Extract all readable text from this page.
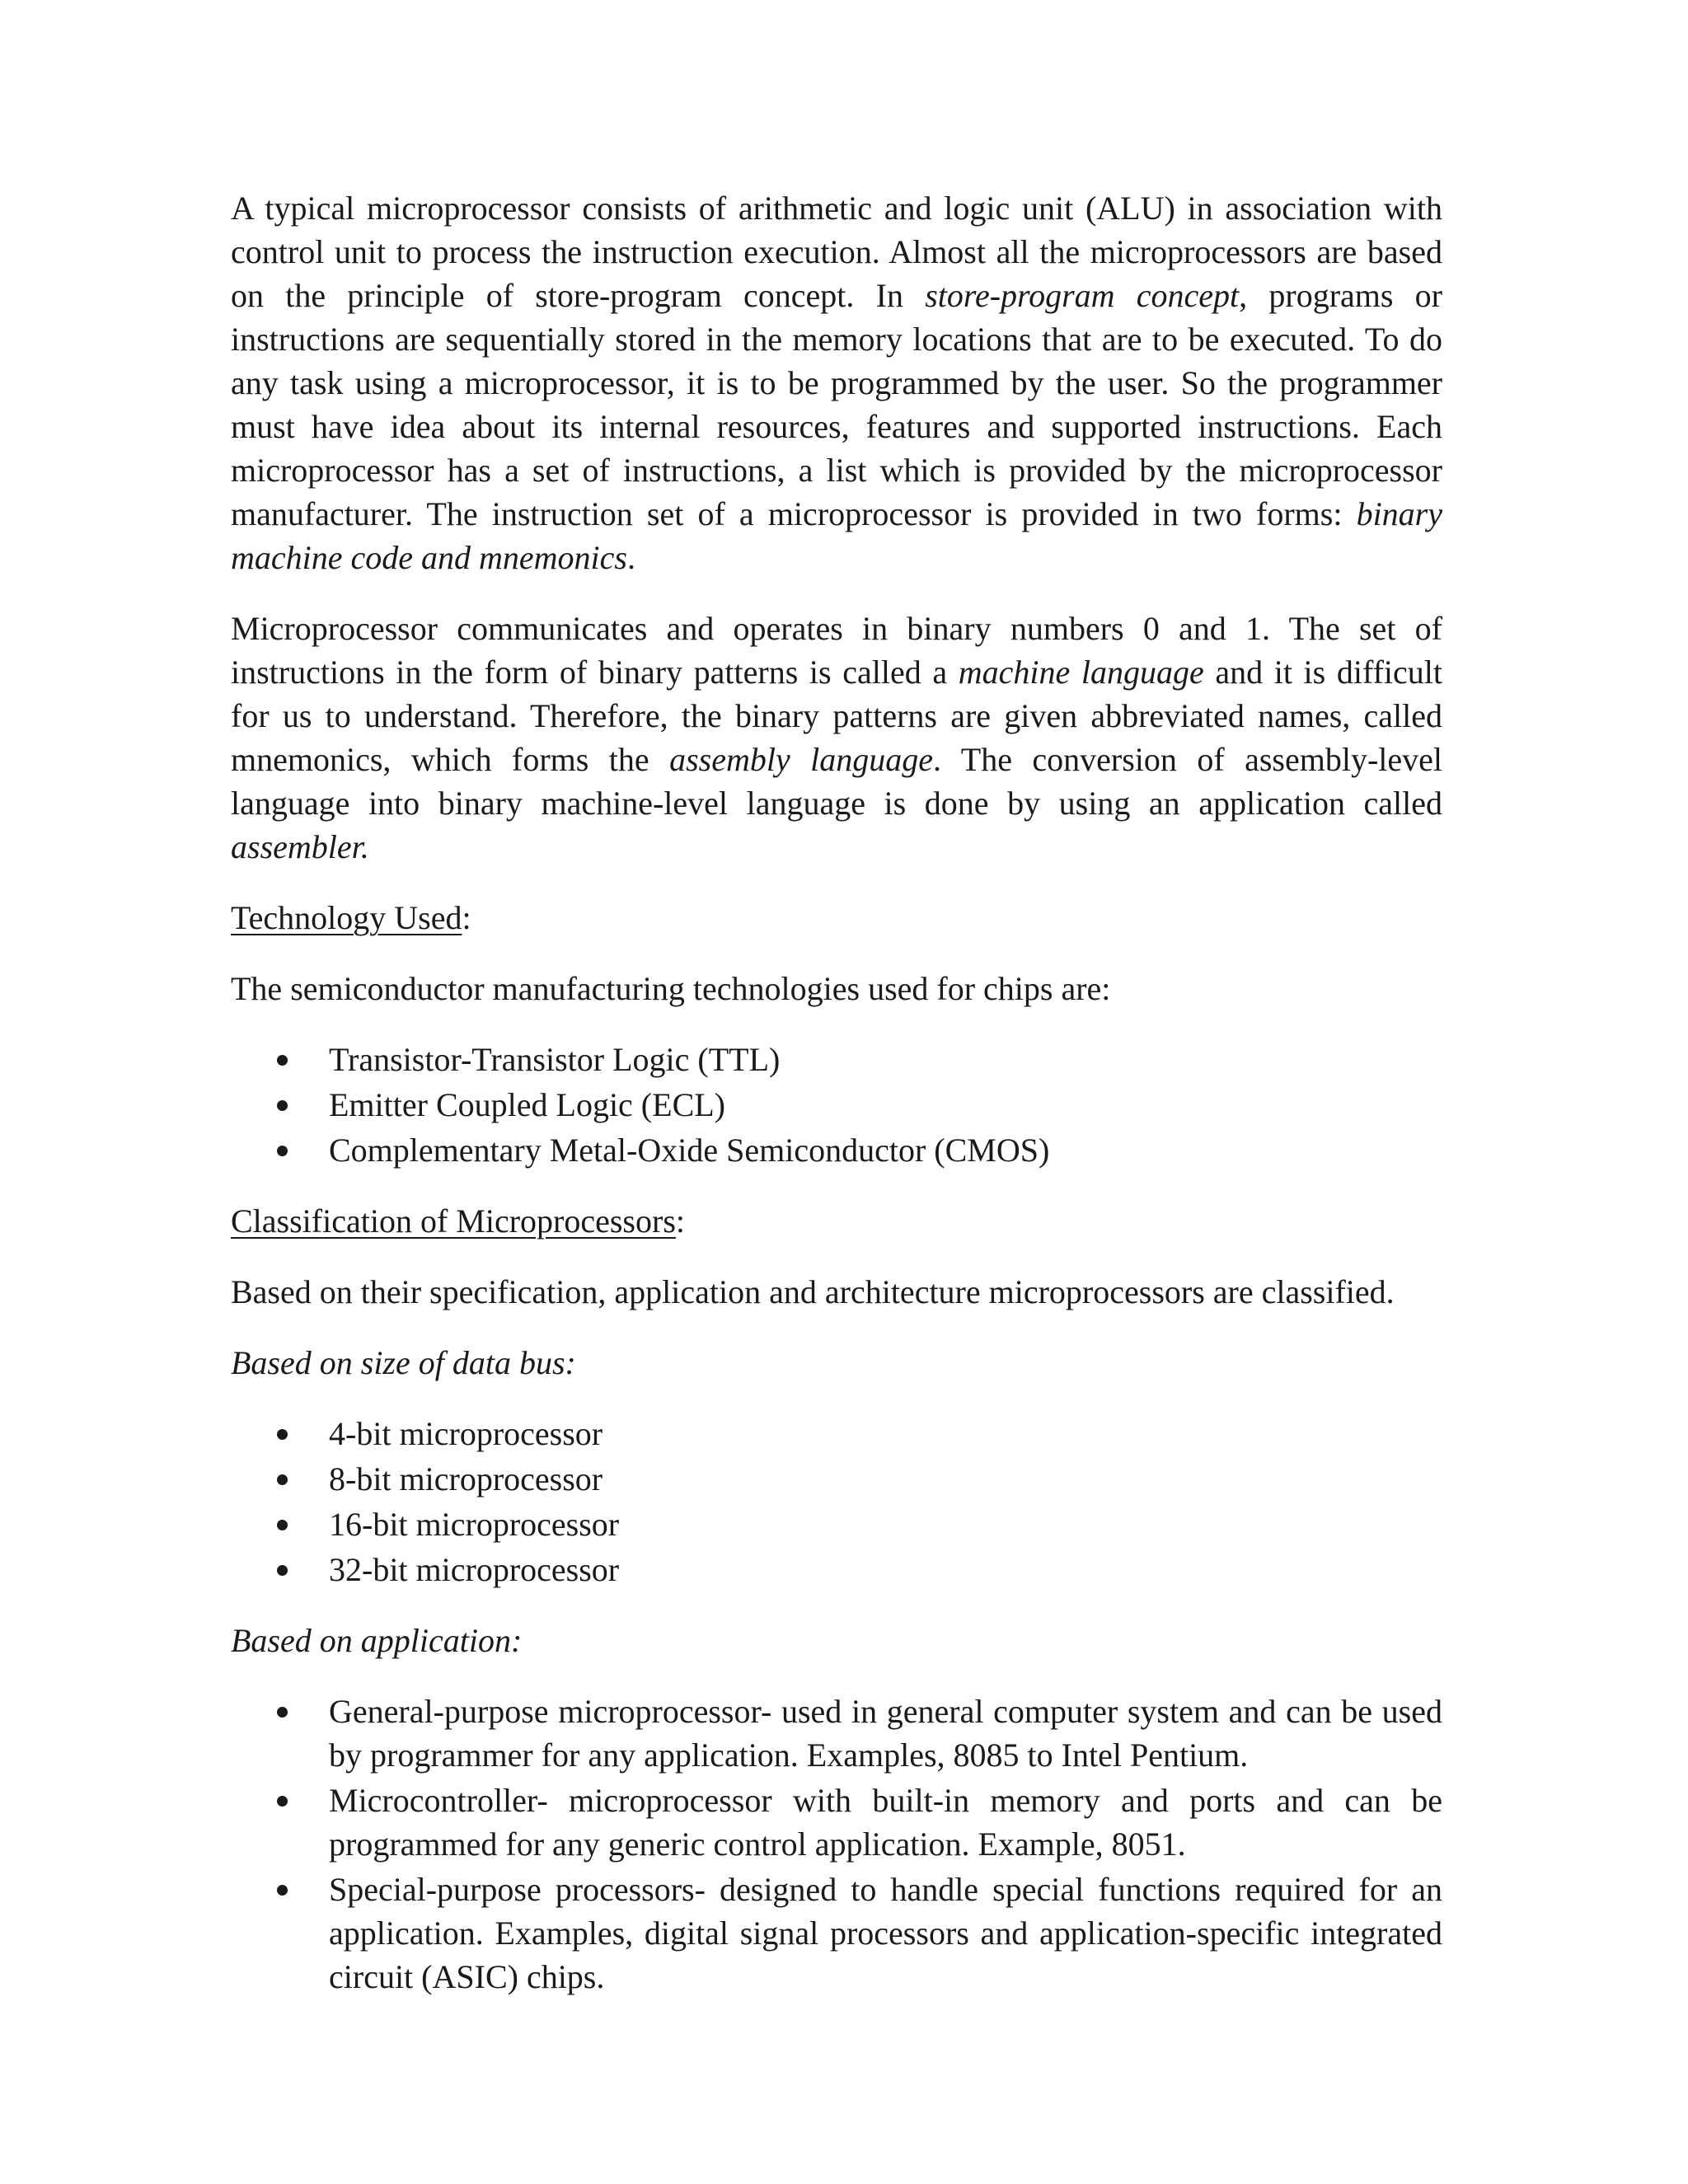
A typical microprocessor consists of arithmetic and logic unit (ALU) in association with control unit to process the instruction execution. Almost all the microprocessors are based on the principle of store-program concept. In store-program concept, programs or instructions are sequentially stored in the memory locations that are to be executed. To do any task using a microprocessor, it is to be programmed by the user. So the programmer must have idea about its internal resources, features and supported instructions. Each microprocessor has a set of instructions, a list which is provided by the microprocessor manufacturer. The instruction set of a microprocessor is provided in two forms: binary machine code and mnemonics.

Microprocessor communicates and operates in binary numbers 0 and 1. The set of instructions in the form of binary patterns is called a machine language and it is difficult for us to understand. Therefore, the binary patterns are given abbreviated names, called mnemonics, which forms the assembly language. The conversion of assembly-level language into binary machine-level language is done by using an application called assembler.

Technology Used:

The semiconductor manufacturing technologies used for chips are:

Transistor-Transistor Logic (TTL)
Emitter Coupled Logic (ECL)
Complementary Metal-Oxide Semiconductor (CMOS)
Classification of Microprocessors:

Based on their specification, application and architecture microprocessors are classified.

Based on size of data bus:

4-bit microprocessor
8-bit microprocessor
16-bit microprocessor
32-bit microprocessor

Based on application:

General-purpose microprocessor- used in general computer system and can be used by programmer for any application. Examples, 8085 to Intel Pentium.
Microcontroller- microprocessor with built-in memory and ports and can be programmed for any generic control application. Example, 8051.
Special-purpose processors- designed to handle special functions required for an application. Examples, digital signal processors and application-specific integrated circuit (ASIC) chips.
